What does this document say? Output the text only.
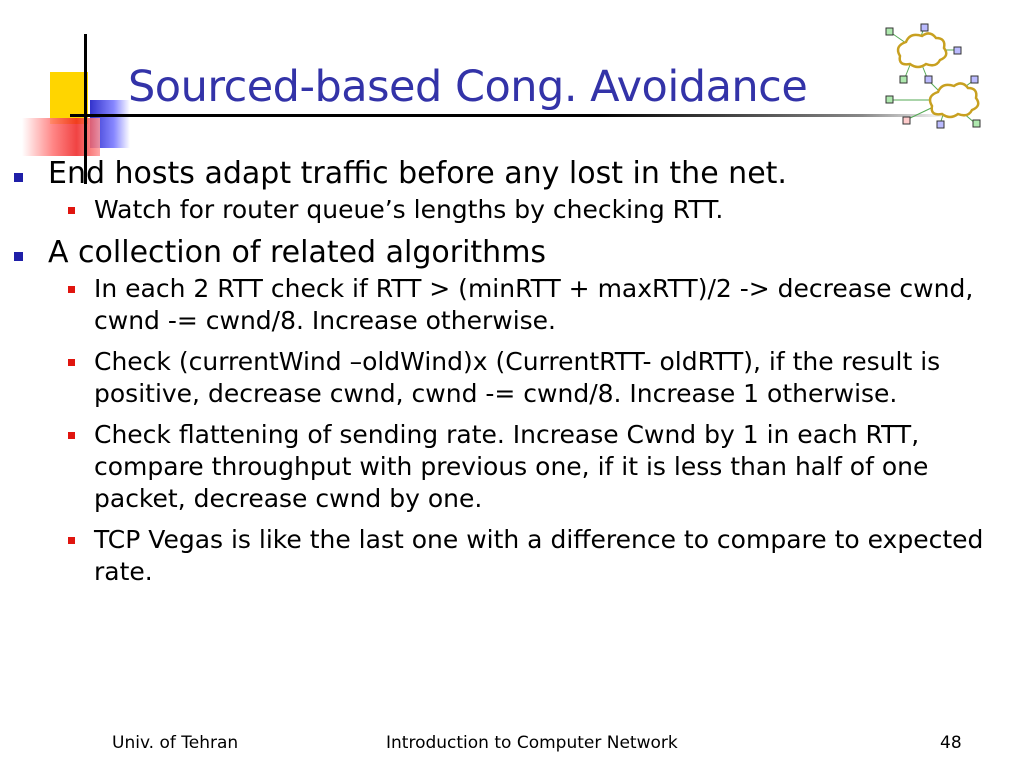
Sourced-based Cong. Avoidance
End hosts adapt traffic before any lost in the net.
Watch for router queue’s lengths by checking RTT.
A collection of related algorithms
In each 2 RTT check if RTT > (minRTT + maxRTT)/2 -> decrease cwnd, cwnd -= cwnd/8. Increase otherwise.
Check (currentWind –oldWind)x (CurrentRTT- oldRTT), if the result is positive, decrease cwnd, cwnd -= cwnd/8. Increase 1 otherwise.
Check flattening of sending rate. Increase Cwnd by 1 in each RTT, compare throughput with previous one, if it is less than half of one packet, decrease cwnd by one.
TCP Vegas is like the last one with a difference to compare to expected rate.
Univ. of Tehran	Introduction to Computer Network	48
